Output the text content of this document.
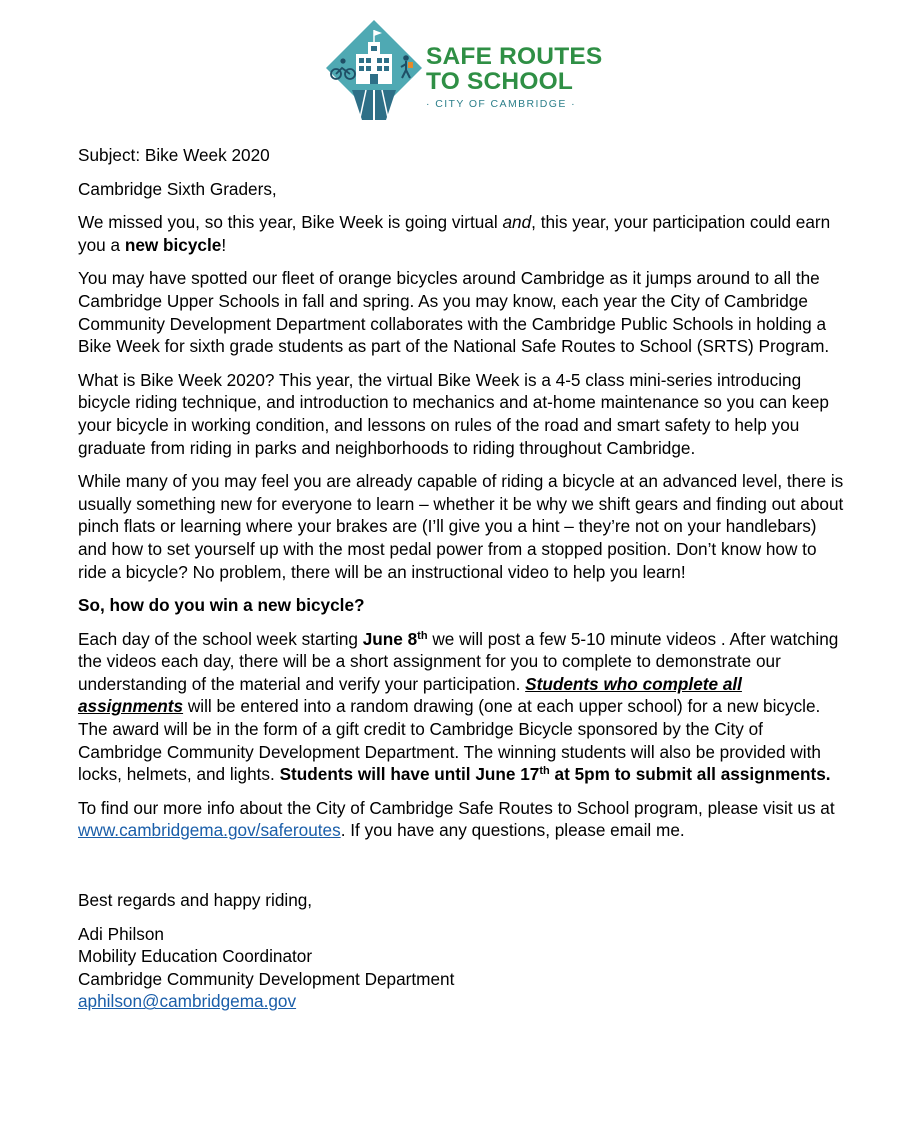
SAFE ROUTES
TO SCHOOL
· CITY OF CAMBRIDGE ·

Subject: Bike Week 2020

Cambridge Sixth Graders,

We missed you, so this year, Bike Week is going virtual and, this year, your participation could earn you a new bicycle!

You may have spotted our fleet of orange bicycles around Cambridge as it jumps around to all the Cambridge Upper Schools in fall and spring. As you may know, each year the City of Cambridge Community Development Department collaborates with the Cambridge Public Schools in holding a Bike Week for sixth grade students as part of the National Safe Routes to School (SRTS) Program.

What is Bike Week 2020? This year, the virtual Bike Week is a 4-5 class mini-series introducing bicycle riding technique, and introduction to mechanics and at-home maintenance so you can keep your bicycle in working condition, and lessons on rules of the road and smart safety to help you graduate from riding in parks and neighborhoods to riding throughout Cambridge.

While many of you may feel you are already capable of riding a bicycle at an advanced level, there is usually something new for everyone to learn – whether it be why we shift gears and finding out about pinch flats or learning where your brakes are (I’ll give you a hint – they’re not on your handlebars) and how to set yourself up with the most pedal power from a stopped position. Don’t know how to ride a bicycle? No problem, there will be an instructional video to help you learn!

So, how do you win a new bicycle?

Each day of the school week starting June 8th we will post a few 5-10 minute videos . After watching the videos each day, there will be a short assignment for you to complete to demonstrate our understanding of the material and verify your participation. Students who complete all assignments will be entered into a random drawing (one at each upper school) for a new bicycle. The award will be in the form of a gift credit to Cambridge Bicycle sponsored by the City of Cambridge Community Development Department. The winning students will also be provided with locks, helmets, and lights. Students will have until June 17th at 5pm to submit all assignments.

To find our more info about the City of Cambridge Safe Routes to School program, please visit us at www.cambridgema.gov/saferoutes. If you have any questions, please email me.

Best regards and happy riding,

Adi Philson

Mobility Education Coordinator

Cambridge Community Development Department

aphilson@cambridgema.gov
